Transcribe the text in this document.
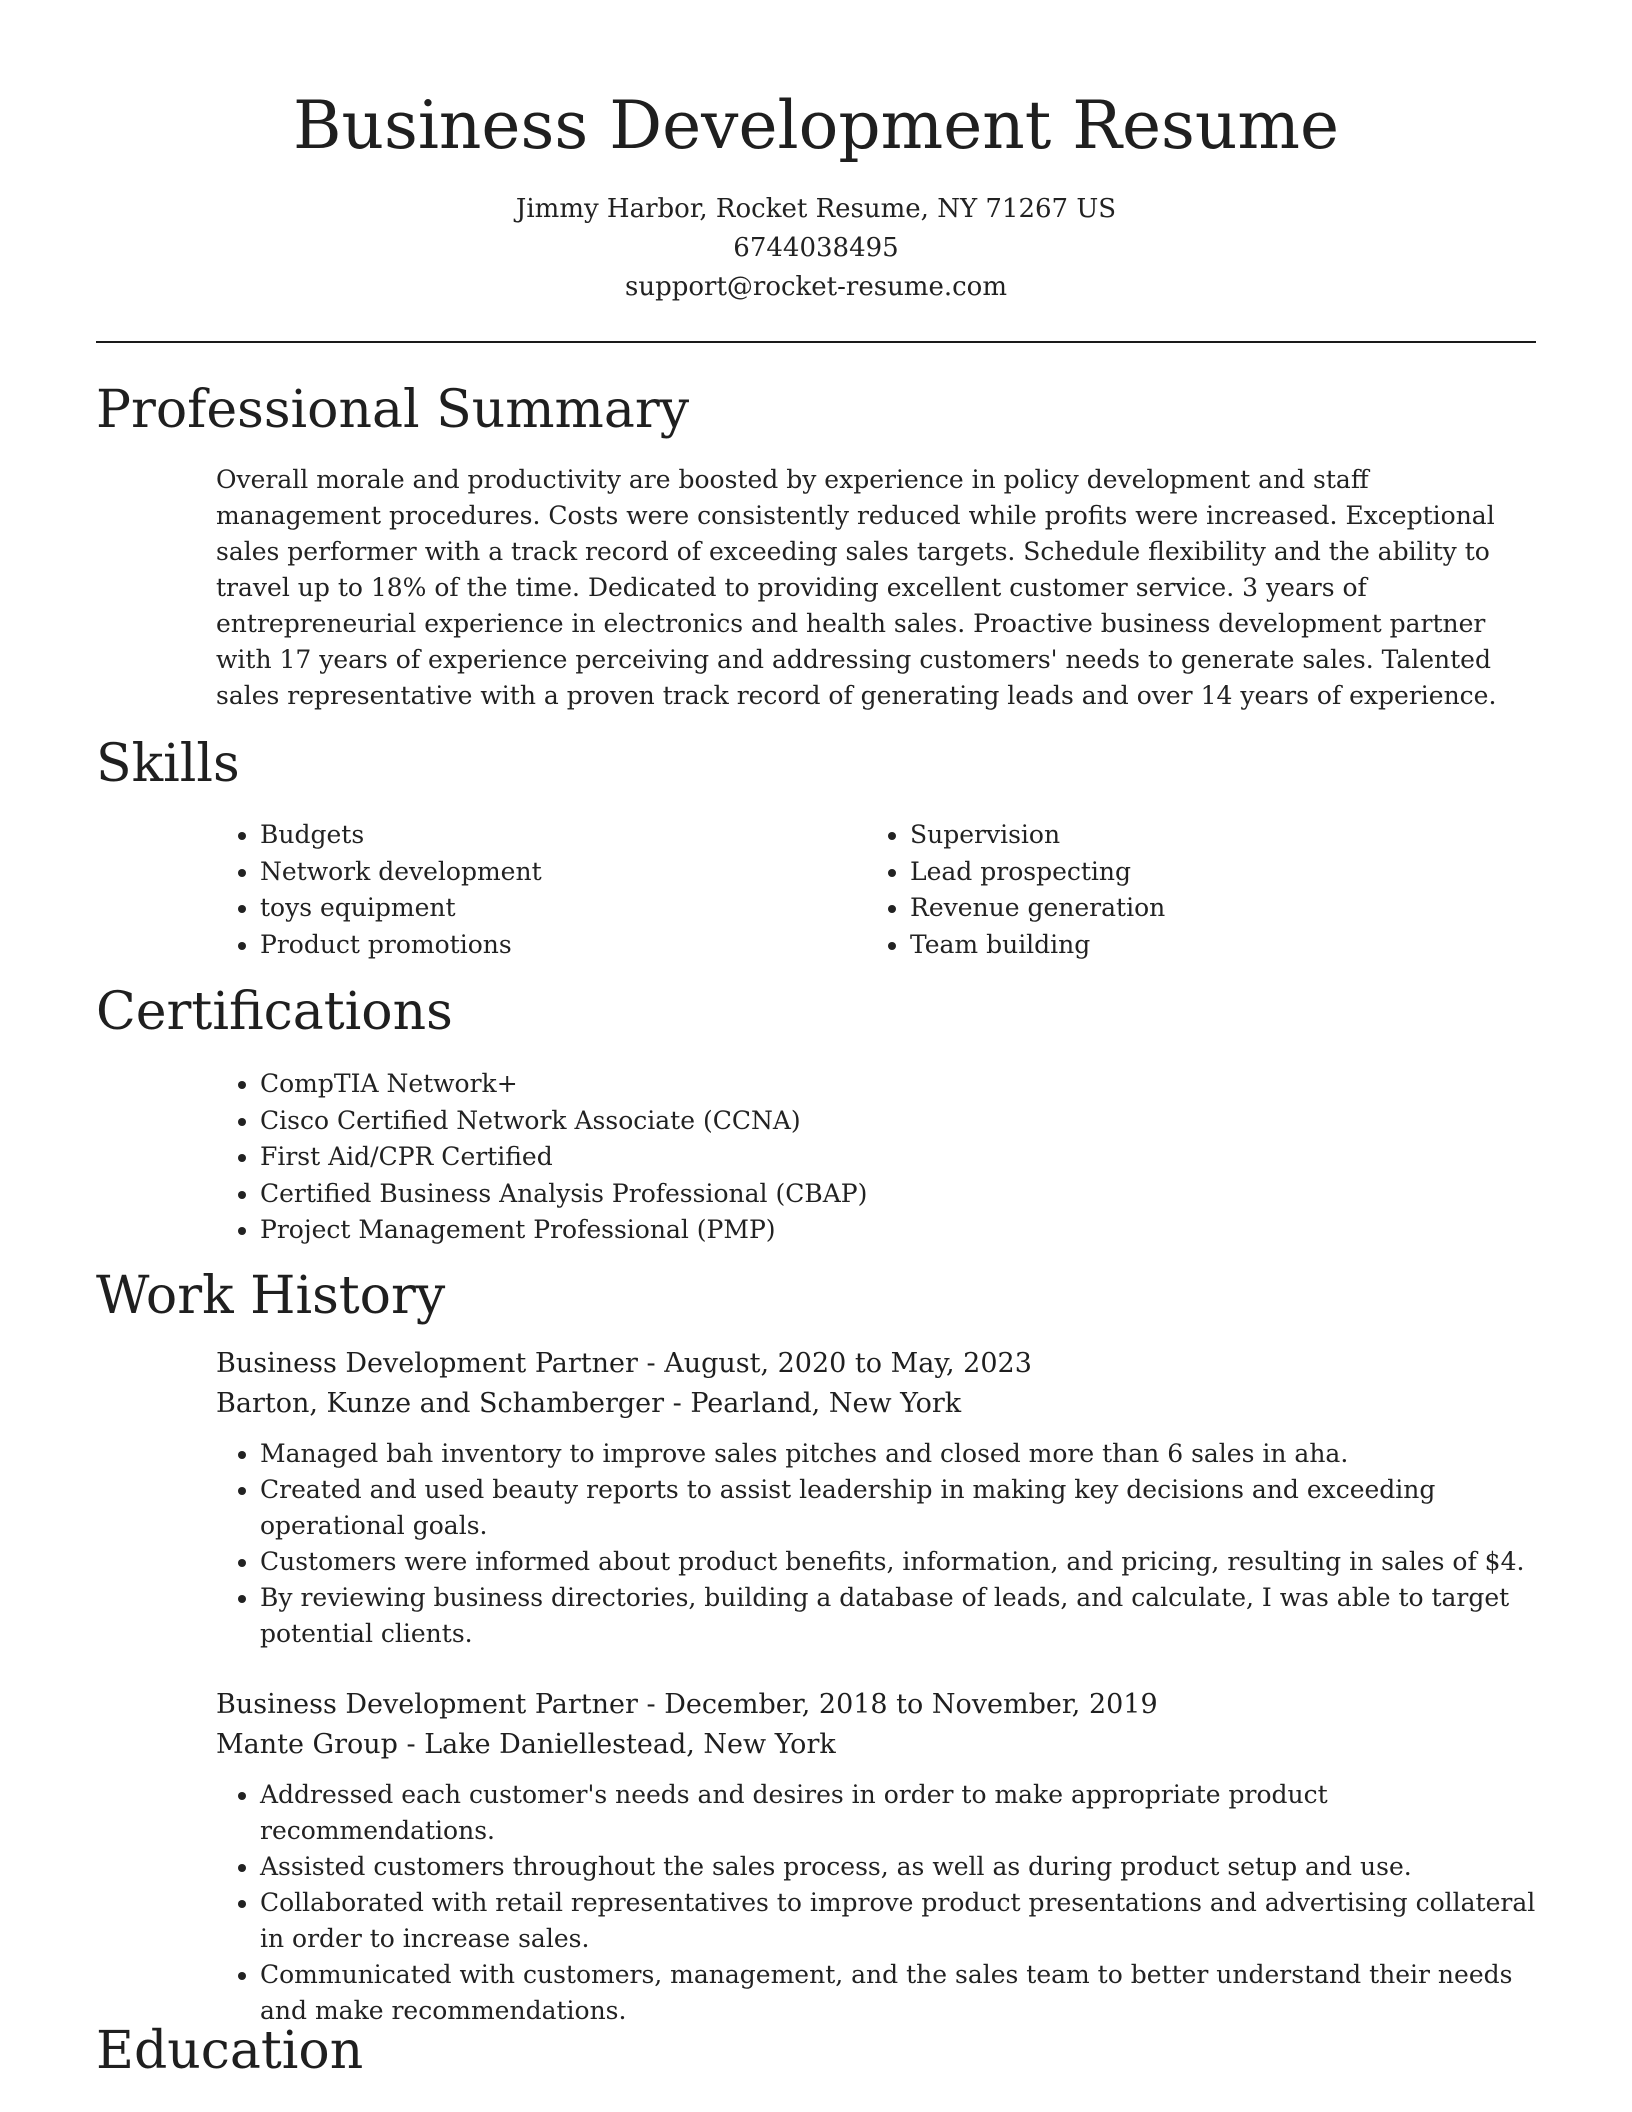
Business Development Resume
Jimmy Harbor, Rocket Resume, NY 71267 US
6744038495
support@rocket-resume.com
Professional Summary

Overall morale and productivity are boosted by experience in policy development and staff management procedures. Costs were consistently reduced while profits were increased. Exceptional sales performer with a track record of exceeding sales targets. Schedule flexibility and the ability to travel up to 18% of the time. Dedicated to providing excellent customer service. 3 years of entrepreneurial experience in electronics and health sales. Proactive business development partner with 17 years of experience perceiving and addressing customers' needs to generate sales. Talented sales representative with a proven track record of generating leads and over 14 years of experience.

Skills
• Budgets
• Network development
• toys equipment
• Product promotions
• Supervision
• Lead prospecting
• Revenue generation
• Team building
Certifications
• CompTIA Network+
• Cisco Certified Network Associate (CCNA)
• First Aid/CPR Certified
• Certified Business Analysis Professional (CBAP)
• Project Management Professional (PMP)
Work History
Business Development Partner - August, 2020 to May, 2023
Barton, Kunze and Schamberger - Pearland, New York
• Managed bah inventory to improve sales pitches and closed more than 6 sales in aha.
• Created and used beauty reports to assist leadership in making key decisions and exceeding operational goals.
• Customers were informed about product benefits, information, and pricing, resulting in sales of $4.
• By reviewing business directories, building a database of leads, and calculate, I was able to target potential clients.
Business Development Partner - December, 2018 to November, 2019
Mante Group - Lake Daniellestead, New York
• Addressed each customer's needs and desires in order to make appropriate product recommendations.
• Assisted customers throughout the sales process, as well as during product setup and use.
• Collaborated with retail representatives to improve product presentations and advertising collateral in order to increase sales.
• Communicated with customers, management, and the sales team to better understand their needs and make recommendations.
Education
